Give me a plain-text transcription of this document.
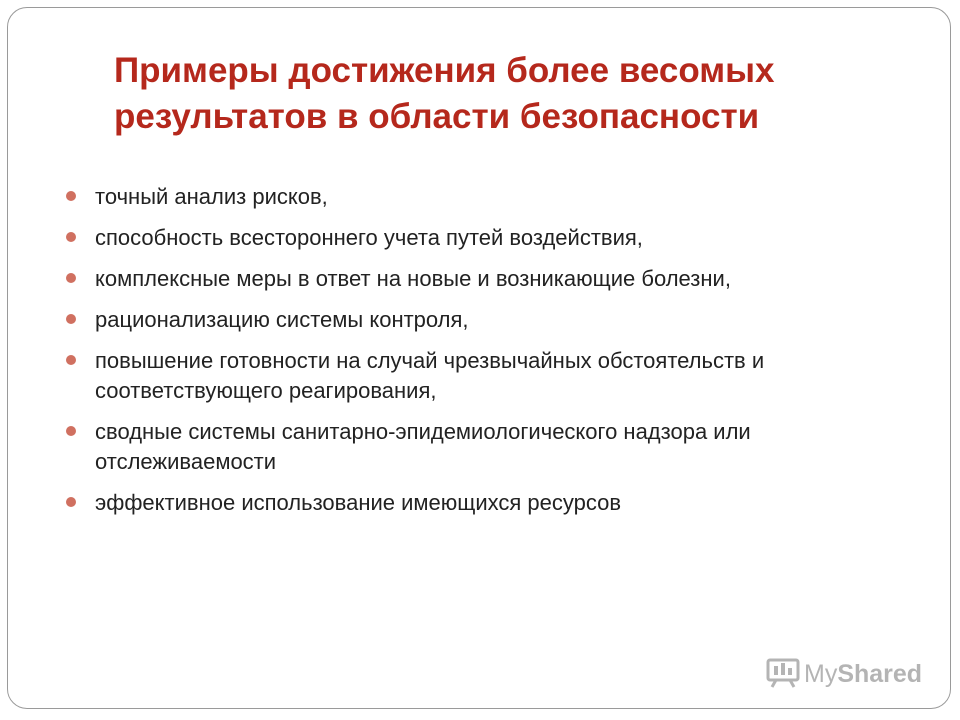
Примеры достижения более весомых
результатов в области безопасности
точный анализ рисков,
способность всестороннего учета путей воздействия,
комплексные меры в ответ на новые и возникающие болезни,
рационализацию системы контроля,
повышение готовности на случай чрезвычайных обстоятельств и соответствующего реагирования,
сводные системы санитарно-эпидемиологического надзора или отслеживаемости
эффективное использование имеющихся ресурсов
MyShared
